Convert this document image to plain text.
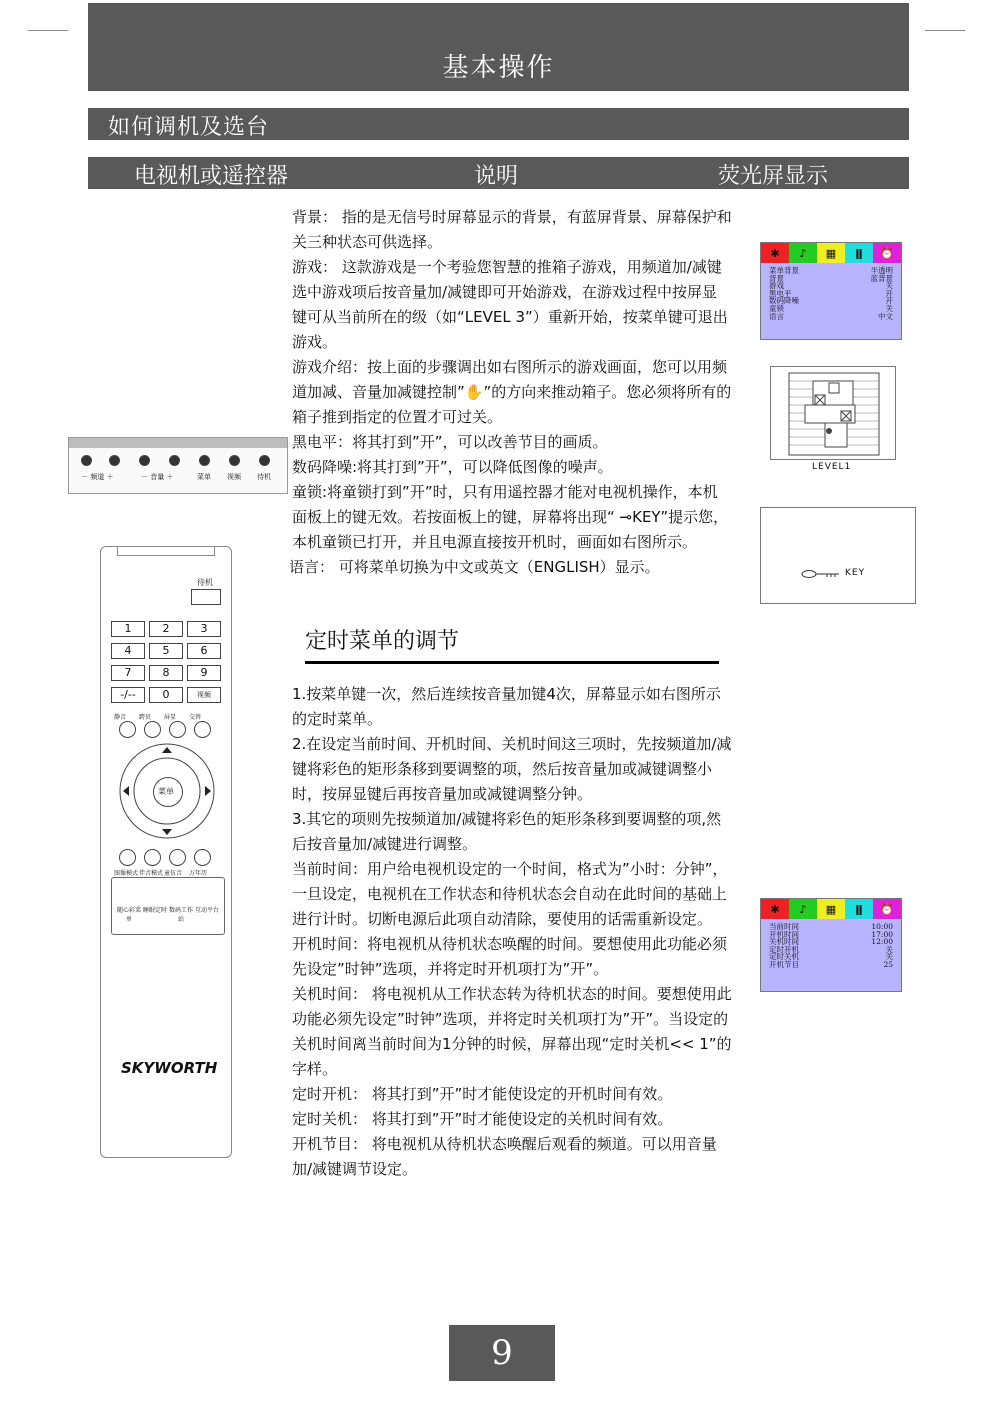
基本操作
如何调机及选台
电视机或遥控器	说明	荧光屏显示

背景： 指的是无信号时屏幕显示的背景，有蓝屏背景、屏幕保护和关三种状态可供选择。

游戏： 这款游戏是一个考验您智慧的推箱子游戏，用频道加/减键选中游戏项后按音量加/减键即可开始游戏，在游戏过程中按屏显键可从当前所在的级（如“LEVEL 3”）重新开始，按菜单键可退出游戏。

游戏介绍：按上面的步骤调出如右图所示的游戏画面，您可以用频道加减、音量加减键控制”✋”的方向来推动箱子。您必须将所有的箱子推到指定的位置才可过关。

黑电平：将其打到”开”，可以改善节目的画质。

数码降噪:将其打到”开”，可以降低图像的噪声。

童锁:将童锁打到”开”时，只有用遥控器才能对电视机操作，本机面板上的键无效。若按面板上的键，屏幕将出现“ ⊸KEY”提示您，本机童锁已打开，并且电源直接按开机时，画面如右图所示。

语言： 可将菜单切换为中文或英文（ENGLISH）显示。

定时菜单的调节

1.按菜单键一次，然后连续按音量加键4次，屏幕显示如右图所示的定时菜单。

2.在设定当前时间、开机时间、关机时间这三项时，先按频道加/减键将彩色的矩形条移到要调整的项，然后按音量加或减键调整小时，按屏显键后再按音量加或减键调整分钟。

3.其它的项则先按频道加/减键将彩色的矩形条移到要调整的项,然后按音量加/减键进行调整。

当前时间：用户给电视机设定的一个时间，格式为”小时：分钟”，一旦设定，电视机在工作状态和待机状态会自动在此时间的基础上进行计时。切断电源后此项自动清除，要使用的话需重新设定。

开机时间：将电视机从待机状态唤醒的时间。要想使用此功能必须先设定”时钟”选项，并将定时开机项打为”开”。

关机时间： 将电视机从工作状态转为待机状态的时间。要想使用此功能必须先设定”时钟”选项，并将定时关机项打为”开”。当设定的关机时间离当前时间为1分钟的时候，屏幕出现“定时关机<< 1”的字样。

定时开机： 将其打到”开”时才能使设定的开机时间有效。

定时关机： 将其打到”开”时才能使设定的关机时间有效。

开机节目： 将电视机从待机状态唤醒后观看的频道。可以用音量加/减键调节设定。

✱	♪	▦	ǁ	⏰
菜单背景	半透明
背景	蓝背景
游戏	关
黑电平	开
数码降噪	开
童锁	关
语言	中文
LEVEL1
KEY
✱	♪	▦	ǁ	⏰
当前时间	10:00
开机时间	17:00
关机时间	12:00
定时开机	关
定时关机	关
开机节目	25
－ 频道 ＋	－ 音量 ＋	菜单 视频 待机
待机
菜单
SKYWORTH
1	2	3
4	5	6
7	8	9
-/--	0	视频
静音 跨贝 屏显 交替
图像模式 伴音模式 童伍音 万年历
随心彩菜单
睡眠定时 数码工作站
互动平台
9
